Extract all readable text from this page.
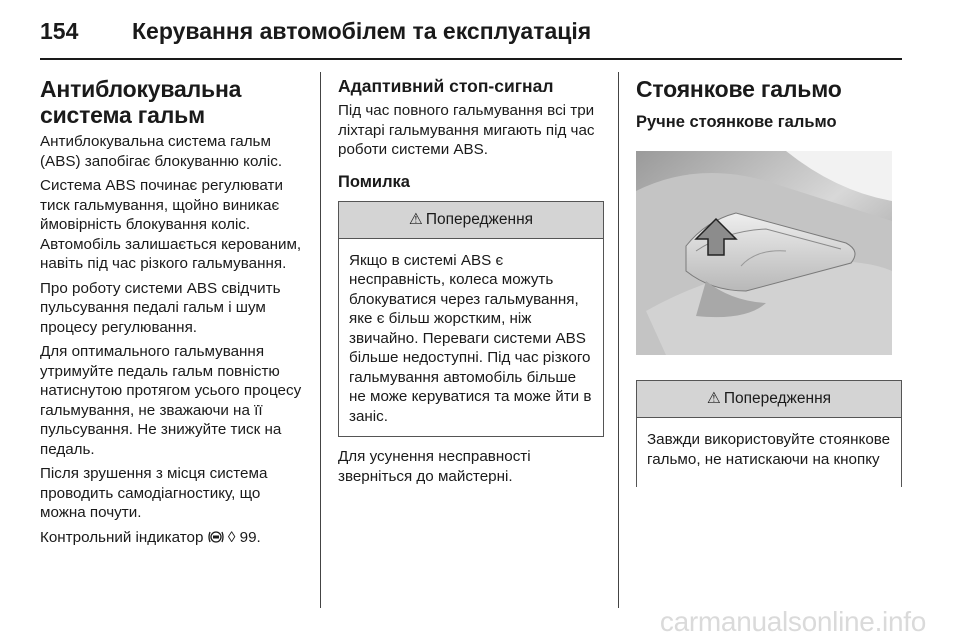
154 Керування автомобілем та експлуатація
Антиблокувальна система гальм
Антиблокувальна система гальм (ABS) запобігає блокуванню коліс.
Система ABS починає регулювати тиск гальмування, щойно виникає ймовірність блокування коліс. Автомобіль залишається керованим, навіть під час різкого гальмування.
Про роботу системи ABS свідчить пульсування педалі гальм і шум процесу регулювання.
Для оптимального гальмування утримуйте педаль гальм повністю натиснутою протягом усього процесу гальмування, не зважаючи на її пульсування. Не знижуйте тиск на педаль.
Після зрушення з місця система проводить самодіагностику, що можна почути.
Контрольний індикатор ◊ 99.
Адаптивний стоп-сигнал
Під час повного гальмування всі три ліхтарі гальмування мигають під час роботи системи ABS.
Помилка
⚠ Попередження
Якщо в системі ABS є несправність, колеса можуть блокуватися через гальмування, яке є більш жорстким, ніж звичайно. Переваги системи ABS більше недоступні. Під час різкого гальмування автомобіль більше не може керуватися та може йти в заніс.
Для усунення несправності зверніться до майстерні.
Стоянкове гальмо
Ручне стоянкове гальмо
⚠ Попередження
Завжди використовуйте стоянкове гальмо, не натискаючи на кнопку
carmanualsonline.info
